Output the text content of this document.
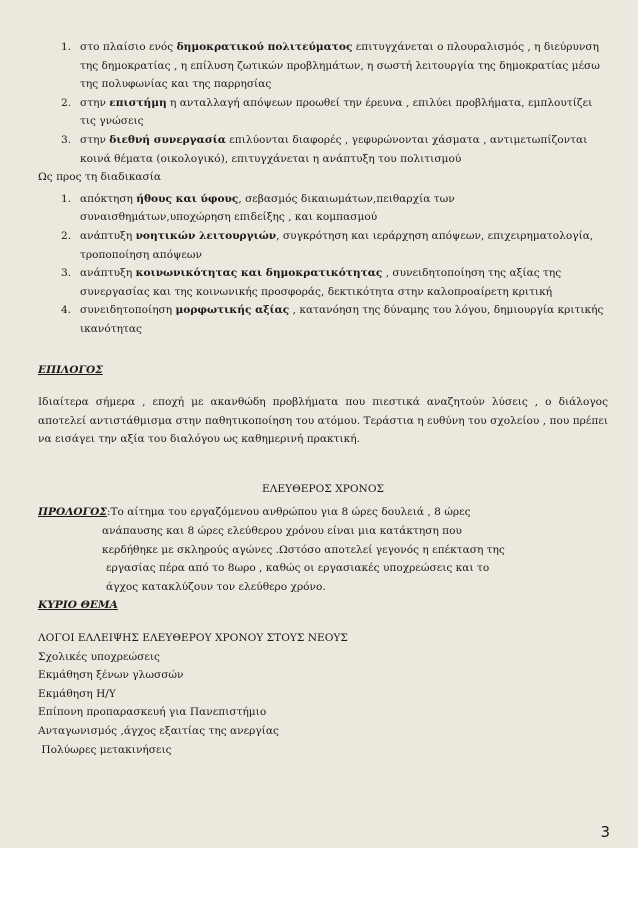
1. στο πλαίσιο ενός δημοκρατικού πολιτεύματος επιτυγχάνεται ο πλουραλισμός , η διεύρυνση της δημοκρατίας , η επίλυση ζωτικών προβλημάτων, η σωστή λειτουργία της δημοκρατίας μέσω της πολυφωνίας και της παρρησίας
2. στην επιστήμη η ανταλλαγή απόψεων προωθεί την έρευνα , επιλύει προβλήματα, εμπλουτίζει τις γνώσεις
3. στην διεθνή συνεργασία επιλύονται διαφορές , γεφυρώνονται χάσματα , αντιμετωπίζονται κοινά θέματα (οικολογικό), επιτυγχάνεται η ανάπτυξη του πολιτισμού

Ως προς τη διαδικασία

1. απόκτηση ήθους και ύφους, σεβασμός δικαιωμάτων,πειθαρχία των συναισθημάτων,υποχώρηση επιδείξης , και κομπασμού
2. ανάπτυξη νοητικών λειτουργιών, συγκρότηση και ιεράρχηση απόψεων, επιχειρηματολογία, τροποποίηση απόψεων
3. ανάπτυξη κοινωνικότητας και δημοκρατικότητας , συνειδητοποίηση της αξίας της συνεργασίας και της κοινωνικής προσφοράς, δεκτικότητα στην καλοπροαίρετη κριτική
4. συνειδητοποίηση μορφωτικής αξίας , κατανόηση της δύναμης του λόγου, δημιουργία κριτικής ικανότητας

ΕΠΙΛΟΓΟΣ

Ιδιαίτερα σήμερα , εποχή με ακανθώδη προβλήματα που πιεστικά αναζητούν λύσεις , ο διάλογος αποτελεί αντιστάθμισμα στην παθητικοποίηση του ατόμου. Τεράστια η ευθύνη του σχολείου , που πρέπει να εισάγει την αξία του διαλόγου ως καθημερινή πρακτική.

ΕΛΕΥΘΕΡΟΣ ΧΡΟΝΟΣ

ΠΡΟΛΟΓΟΣ:Το αίτημα του εργαζόμενου ανθρώπου για 8 ώρες δουλειά , 8 ώρες

ανάπαυσης και 8 ώρες ελεύθερου χρόνου είναι μια κατάκτηση που

κερδήθηκε με σκληρούς αγώνες .Ωστόσο αποτελεί γεγονός η επέκταση της

εργασίας πέρα από το 8ωρο , καθώς οι εργασιακές υποχρεώσεις και το

άγχος κατακλύζουν τον ελεύθερο χρόνο.

ΚΥΡΙΟ ΘΕΜΑ

ΛΟΓΟΙ ΕΛΛΕΙΨΗΣ ΕΛΕΥΘΕΡΟΥ ΧΡΟΝΟΥ ΣΤΟΥΣ ΝΕΟΥΣ

Σχολικές υποχρεώσεις

Εκμάθηση ξένων γλωσσών

Εκμάθηση Η/Υ

Επίπονη προπαρασκευή για Πανεπιστήμιο

Ανταγωνισμός ,άγχος εξαιτίας της ανεργίας

Πολύωρες μετακινήσεις

3
